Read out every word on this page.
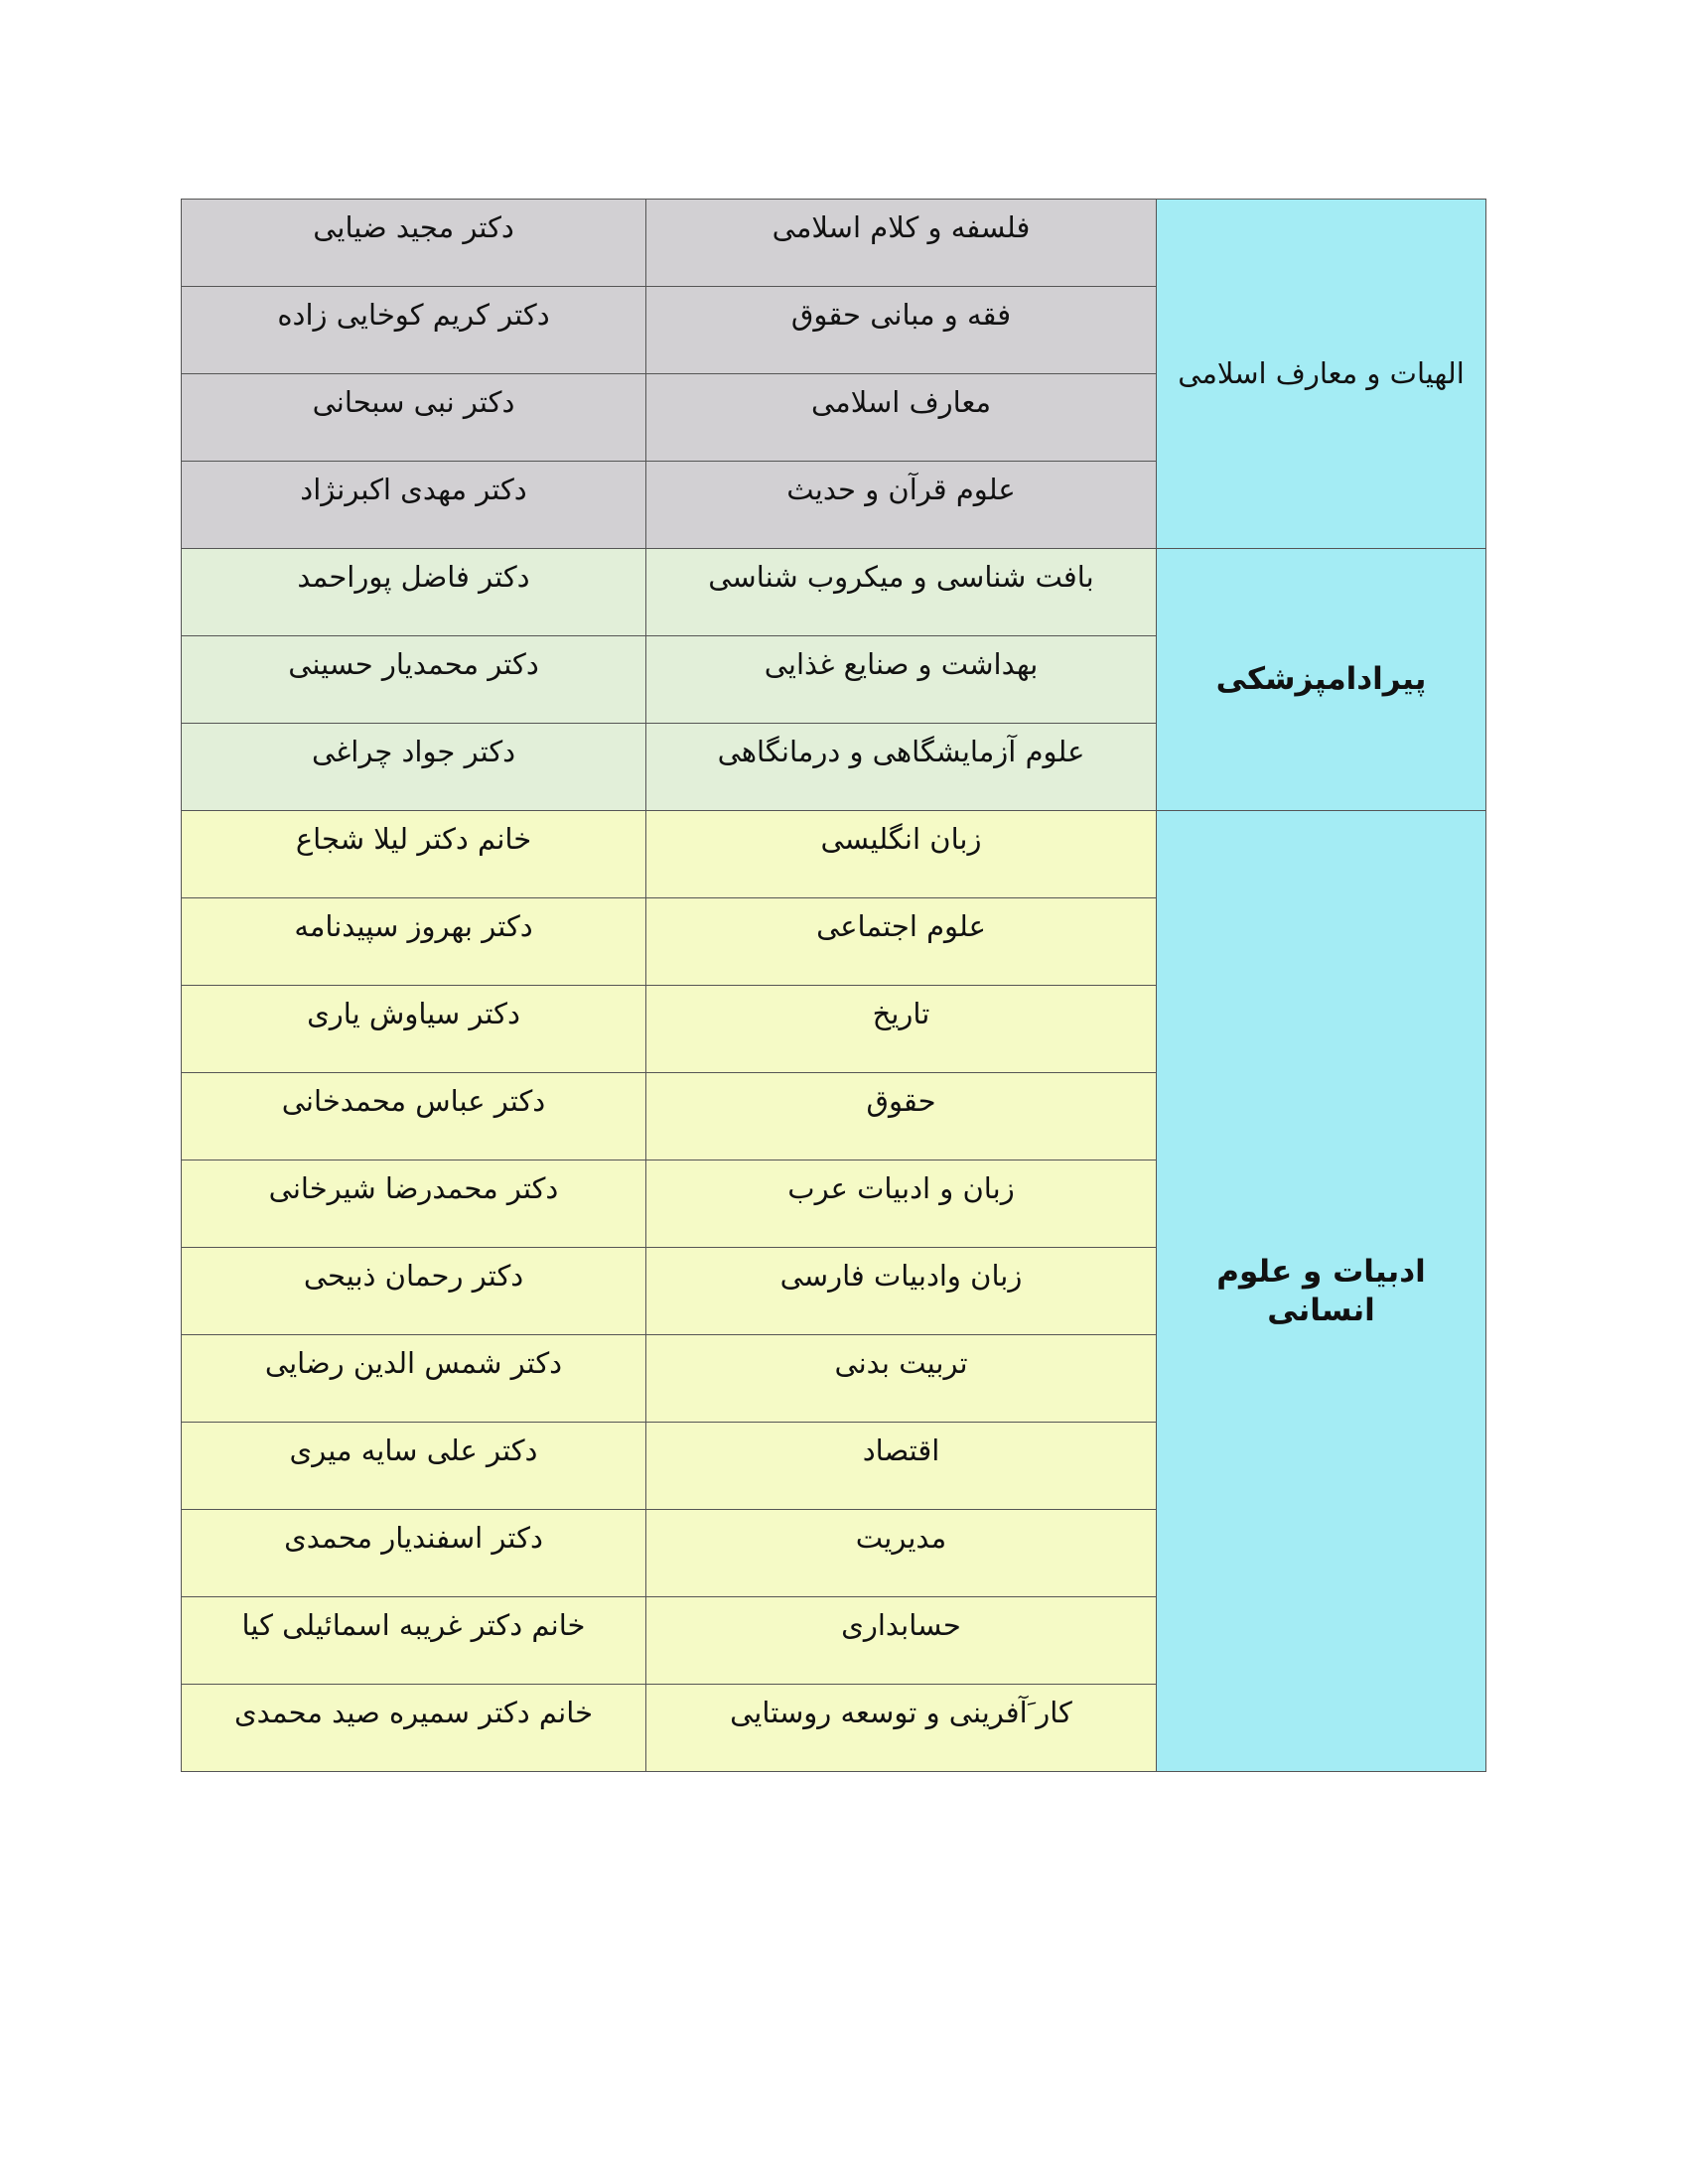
الهیات و معارف اسلامی	فلسفه و کلام اسلامی	دکتر مجید ضیایی
	فقه و مبانی حقوق	دکتر کریم کوخایی زاده
	معارف اسلامی	دکتر نبی سبحانی
	علوم قرآن و حدیث	دکتر مهدی اکبرنژاد
پیرادامپزشکی	بافت شناسی و میکروب شناسی	دکتر فاضل پوراحمد
	بهداشت و صنایع غذایی	دکتر محمدیار حسینی
	علوم آزمایشگاهی و درمانگاهی	دکتر جواد چراغی
ادبیات و علوم انسانی	زبان انگلیسی	خانم دکتر لیلا شجاع
	علوم اجتماعی	دکتر بهروز سپیدنامه
	تاریخ	دکتر سیاوش یاری
	حقوق	دکتر عباس محمدخانی
	زبان و ادبیات عرب	دکتر محمدرضا شیرخانی
	زبان وادبیات فارسی	دکتر رحمان ذبیحی
	تربیت بدنی	دکتر شمس الدین رضایی
	اقتصاد	دکتر علی سایه میری
	مدیریت	دکتر اسفندیار محمدی
	حسابداری	خانم دکتر غریبه اسمائیلی کیا
	کار َآفرینی و توسعه روستایی	خانم دکتر سمیره صید محمدی
